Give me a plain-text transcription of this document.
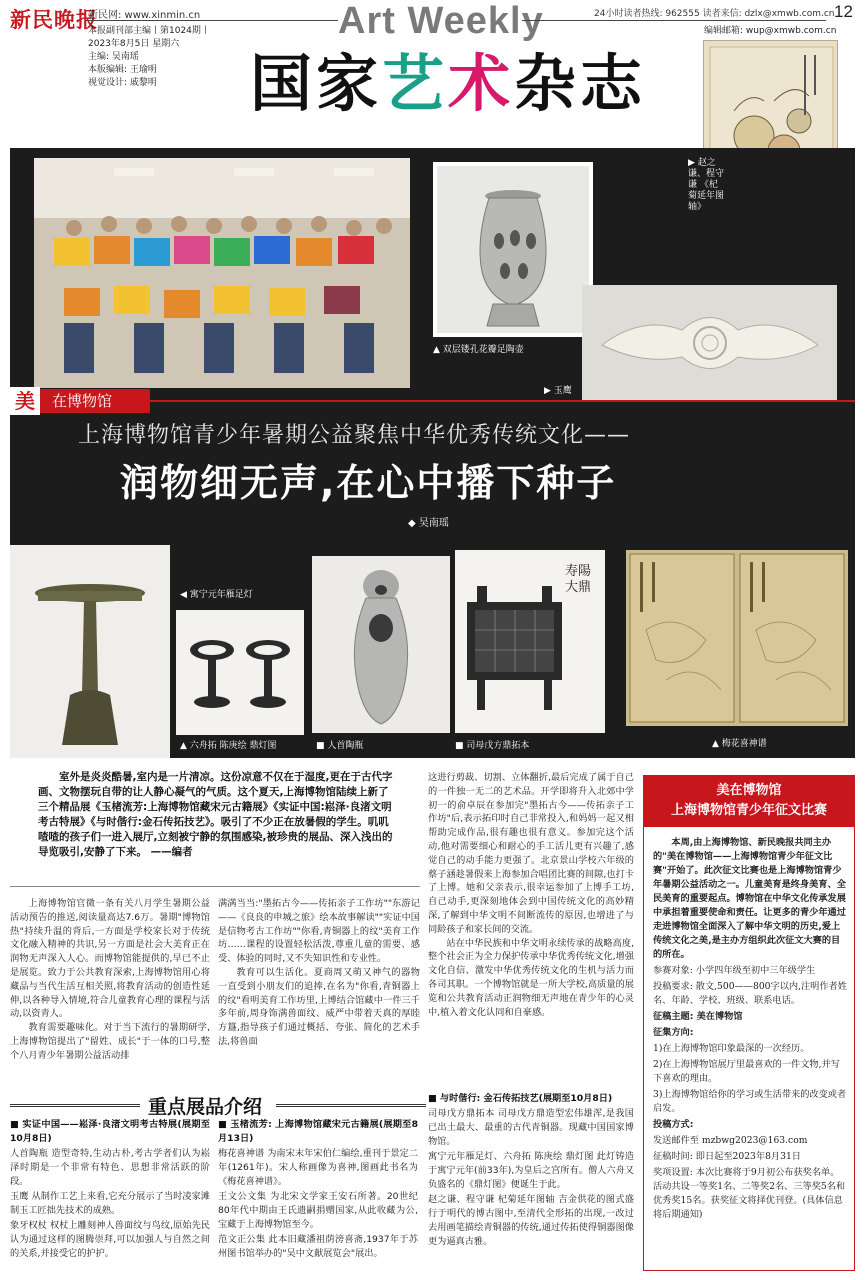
新民晚报
新民网: www.xinmin.cn	Art Weekly	24小时读者热线: 962555 读者来信: dzlx@xmwb.com.cn 12
本报副刊部主编丨第1024期丨
2023年8月5日 星期六
主编: 吴南瑶
本版编辑: 王瑜明
视觉设计: 戚黎明
编辑邮箱: wup@xmwb.com.cn
国家艺术杂志
▲ 双层镂孔花瓣足陶壶
▶ 玉鹰
▶ 赵之谦、程守谦 《杞菊延年图轴》
美	在博物馆
上海博物馆青少年暑期公益聚焦中华优秀传统文化——
润物细无声,在心中播下种子
◆ 吴南瑶
◀ 寓宁元年雁足灯
▲ 六舟拓 陈庚绘 鼎灯图	■ 人首陶瓶
寿陽大鼎
■ 司母戊方鼎拓本	▲ 梅花喜神谱
室外是炎炎酷暑,室内是一片清凉。这份凉意不仅在于湿度,更在于古代字画、文物摆玩自带的让人静心凝气的气质。这个夏天,上海博物馆陆续上新了三个精品展《玉楮流芳:上海博物馆藏宋元古籍展》《实证中国:崧泽·良渚文明考古特展》《与时偕行:金石传拓技艺》。吸引了不少正在放暑假的学生。叽叽喳喳的孩子们一进入展厅,立刻被宁静的氛围感染,被珍贵的展品、深入浅出的导览吸引,安静了下来。 ——编者

这进行剪裁、切割、立体翻折,最后完成了属于自己的一件独一无二的艺术品。开学即将升入北郊中学初一的俞卓辰在参加完"墨拓古今——传拓亲子工作坊"后,表示拓印时自己非常投入,和妈妈一起又相帮助完成作品,很有趣也很有意义。参加完这个活动,他对需要细心和耐心的手工活儿更有兴趣了,感觉自己的动手能力更强了。北京景山学校六年级的蔡子涵趁暑假来上海参加合唱团比赛的间隙,也打卡了上博。她和父亲表示,很幸运参加了上博手工坊,自己动手,更深刻地体会到中国传统文化的高妙精深,了解到中华文明不间断流传的原因,也增进了与同龄孩子和家长间的交流。

站在中华民族和中华文明永续传承的战略高度,整个社会正为全力保护传承中华优秀传统文化,增强文化自信、激发中华优秀传统文化的生机与活力而各司其职。一个博物馆就是一所大学校,高质量的展览和公共教育活动正润物细无声地在青少年的心灵中,植入着文化认同和自豪感。

上海博物馆官微一条有关八月学生暑期公益活动预告的推送,阅读量高达7.6万。暑期"博物馆热"持续升温的背后,一方面是学校家长对于传统文化融入精神的共识,另一方面是社会大美育正在润物无声深入人心。而博物馆能提供的,早已不止是展览。致力于公共教育深索,上海博物馆用心将藏品与当代生活互相关照,将教育活动的创造性延伸,以各种导入情境,符合儿童教育心理的课程与活动,以资青人。

教育需要趣味化。对于当下流行的暑期研学,上海博物馆提出了"留姓、成长"于一体的口号,整个八月青少年暑期公益活动排

满满当当:"墨拓古今——传拓亲子工作坊""东游记——《良良的申城之旅》绘本故事解读""实证中国是信物考古工作坊""你看,青铜器上的纹"美育工作坊……课程的设置轻松活泼,尊重儿童的需要、感受、体验的同时,又不失知识性和专业性。

教育可以生活化。夏商周又萌又神气的器物一直受到小朋友们的追捧,在名为"你看,青铜器上的纹"看明美育工作坊里,上博结合馆藏中一件三千多年前,周身饰满兽面纹、威严中带着天真的厚睦方簋,指导孩子们通过概括、夸张、简化的艺术手法,将兽面

美在博物馆
上海博物馆青少年征文比赛

本周,由上海博物馆、新民晚报共同主办的"美在博物馆——上海博物馆青少年征文比赛"开始了。此次征文比赛也是上海博物馆青少年暑期公益活动之一。儿童美育是终身美育、全民美育的重要起点。博物馆在中华文化传承发展中承担着重要使命和责任。让更多的青少年通过走进博物馆全面深入了解中华文明的历史,爱上传统文化之美,是主办方组织此次征文大赛的目的所在。

参赛对象: 小学四年级至初中三年级学生

投稿要求: 散文,500——800字以内,注明作者姓名、年龄、学校、班级、联系电话。

征稿主题: 美在博物馆

征集方向:

1)在上海博物馆印象最深的一次经历。

2)在上海博物馆展厅里最喜欢的一件文物,并写下喜欢的理由。

3)上海博物馆给你的学习或生活带来的改变或者启发。

投稿方式:

发送邮件至 mzbwg2023@163.com

征稿时间: 即日起至2023年8月31日

奖项设置: 本次比赛将于9月初公布获奖名单。活动共设一等奖1名、二等奖2名、三等奖5名和优秀奖15名。获奖征文将择优刊登。(具体信息将后期通知)

重点展品介绍

■ 实证中国——崧泽·良渚文明考古特展(展期至10月8日)

人首陶瓶 造型奇特,生动古朴,考古学者们认为崧泽时期是一个非常有特色、思想非常活跃的阶段。

玉鹰 从制作工艺上来看,它充分展示了当时凌家滩制玉工匠拙先技术的成熟。

象牙权杖 权杖上雕刻神人兽面纹与鸟纹,原始先民认为通过这样的图腾崇拜,可以加强人与自然之间的关系,并接受它的护护。

■ 玉楮流芳: 上海博物馆藏宋元古籍展(展期至8月13日)

梅花喜神谱 为南宋末年宋伯仁编绘,重刊于景定二年(1261年)。宋人称画像为喜神,图画此书名为《梅花喜神谱》。

王文公文集 为北宋文学家王安石所著。20世纪80年代中期由王氏遗嗣捐赠国家,从此收藏为公,宝藏于上海博物馆至今。

范文正公集 此本旧藏潘祖荫滂喜斋,1937年于苏州图书馆举办的"吴中文献展览会"展出。

■ 与时偕行: 金石传拓技艺(展期至10月8日)

司母戊方鼎拓本 司母戊方鼎造型宏伟雄浑,是我国已出土最大、最重的古代青铜器。现藏中国国家博物馆。

寓宁元年雁足灯、六舟拓 陈庚绘 鼎灯图 此灯铸造于寓宁元年(前33年),为皇后之宫所有。僧人六舟又负盛名的《鼎灯图》便诞生于此。

赵之谦、程守谦 杞菊延年图轴 吉金供花的图式盛行于明代的博古图中,至清代全形拓的出现,一改过去用画笔描绘青铜器的传统,通过传拓使得铜器图像更为逼真古雅。
